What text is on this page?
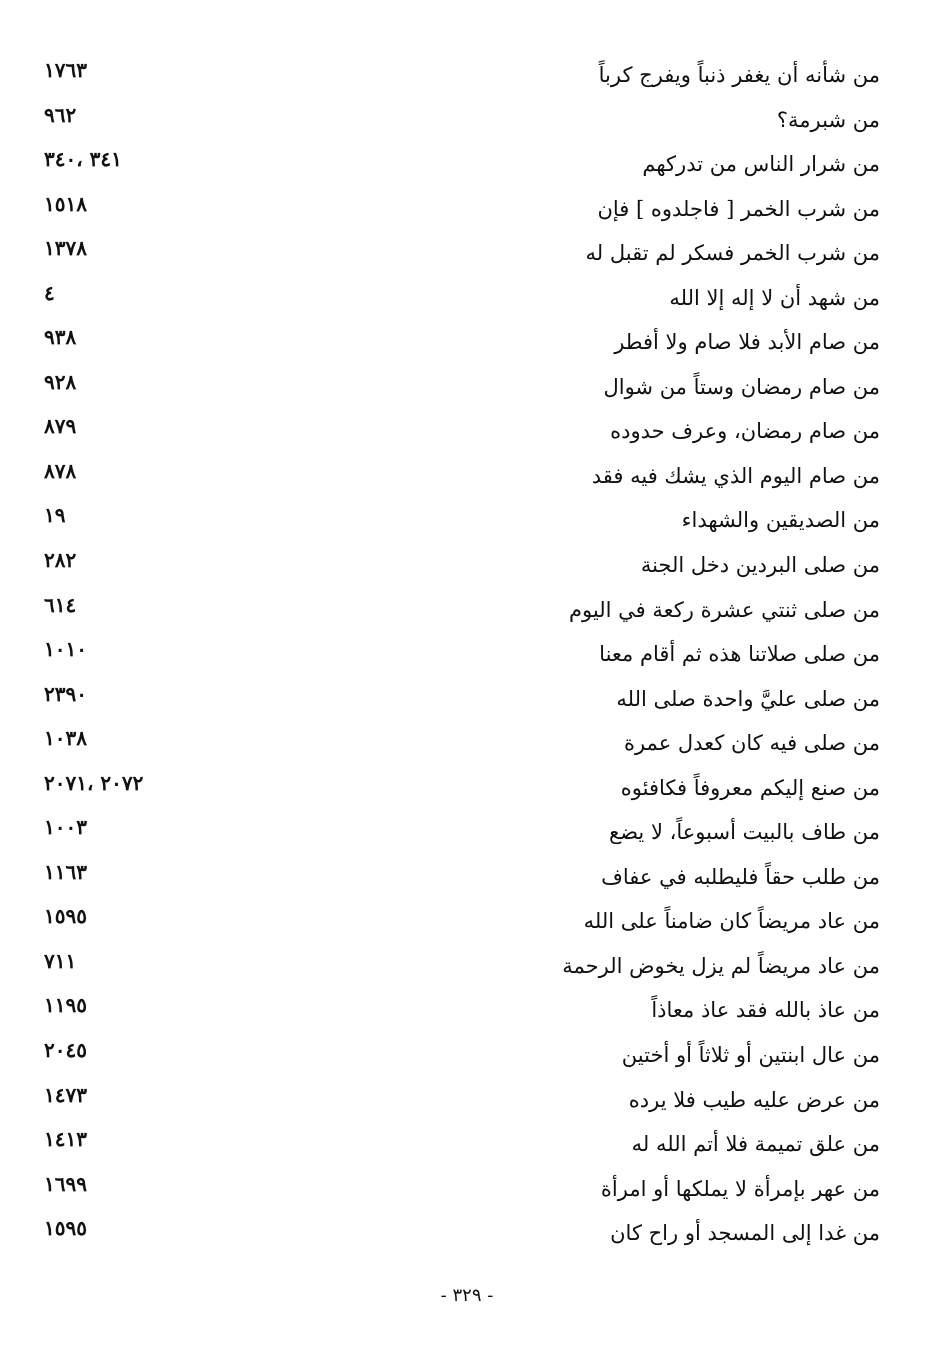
من شأنه أن يغفر ذنباً ويفرج كرباً
١٧٦٣
من شبرمة؟
٩٦٢
من شرار الناس من تدركهم
٣٤١ ،٣٤٠
من شرب الخمر [ فاجلدوه ] فإن
١٥١٨
من شرب الخمر فسكر لم تقبل له
١٣٧٨
من شهد أن لا إله إلا الله
٤
من صام الأبد فلا صام ولا أفطر
٩٣٨
من صام رمضان وستاً من شوال
٩٢٨
من صام رمضان، وعرف حدوده
٨٧٩
من صام اليوم الذي يشك فيه فقد
٨٧٨
من الصديقين والشهداء
١٩
من صلى البردين دخل الجنة
٢٨٢
من صلى ثنتي عشرة ركعة في اليوم
٦١٤
من صلى صلاتنا هذه ثم أقام معنا
١٠١٠
من صلى عليَّ واحدة صلى الله
٢٣٩٠
من صلى فيه كان كعدل عمرة
١٠٣٨
من صنع إليكم معروفاً فكافئوه
٢٠٧٢ ،٢٠٧١
من طاف بالبيت أسبوعاً، لا يضع
١٠٠٣
من طلب حقاً فليطلبه في عفاف
١١٦٣
من عاد مريضاً كان ضامناً على الله
١٥٩٥
من عاد مريضاً لم يزل يخوض الرحمة
٧١١
من عاذ بالله فقد عاذ معاذاً
١١٩٥
من عال ابنتين أو ثلاثاً أو أختين
٢٠٤٥
من عرض عليه طيب فلا يرده
١٤٧٣
من علق تميمة فلا أتم الله له
١٤١٣
من عهر بإمرأة لا يملكها أو امرأة
١٦٩٩
من غدا إلى المسجد أو راح كان
١٥٩٥
- ٣٢٩ -
